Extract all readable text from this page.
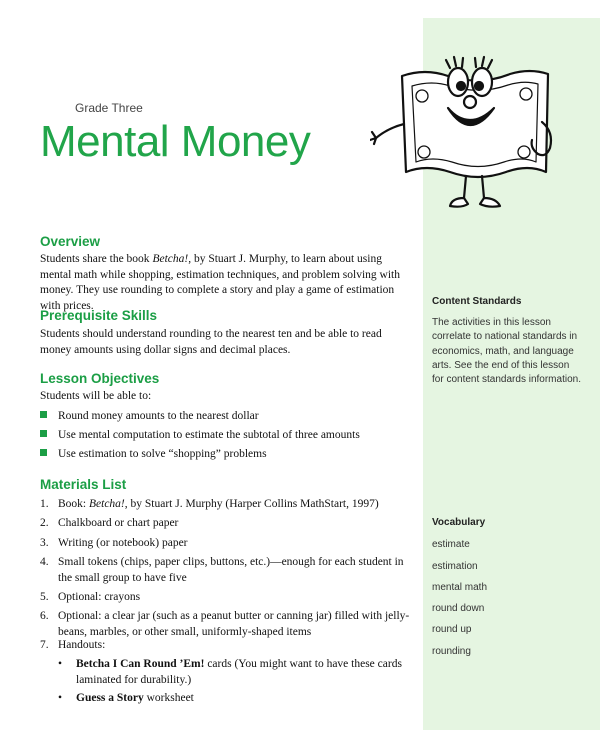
Grade Three
Mental Money
Overview
Students share the book Betcha!, by Stuart J. Murphy, to learn about using mental math while shopping, estimation techniques, and problem solving with money. They use rounding to complete a story and play a game of estimation with prices.
Prerequisite Skills
Students should understand rounding to the nearest ten and be able to read money amounts using dollar signs and decimal places.
Lesson Objectives
Students will be able to:
Round money amounts to the nearest dollar
Use mental computation to estimate the subtotal of three amounts
Use estimation to solve “shopping” problems
Materials List
1. Book: Betcha!, by Stuart J. Murphy (Harper Collins MathStart, 1997)
2. Chalkboard or chart paper
3. Writing (or notebook) paper
4. Small tokens (chips, paper clips, buttons, etc.)—enough for each student in the small group to have five
5. Optional: crayons
6. Optional: a clear jar (such as a peanut butter or canning jar) filled with jelly-beans, marbles, or other small, uniformly-shaped items
7. Handouts:
•	Betcha I Can Round ’Em! cards (You might want to have these cards laminated for durability.)
•	Guess a Story worksheet
Content Standards
The activities in this lesson correlate to national standards in economics, math, and language arts. See the end of this lesson for content standards information.
Vocabulary
estimate
estimation
mental math
round down
round up
rounding
